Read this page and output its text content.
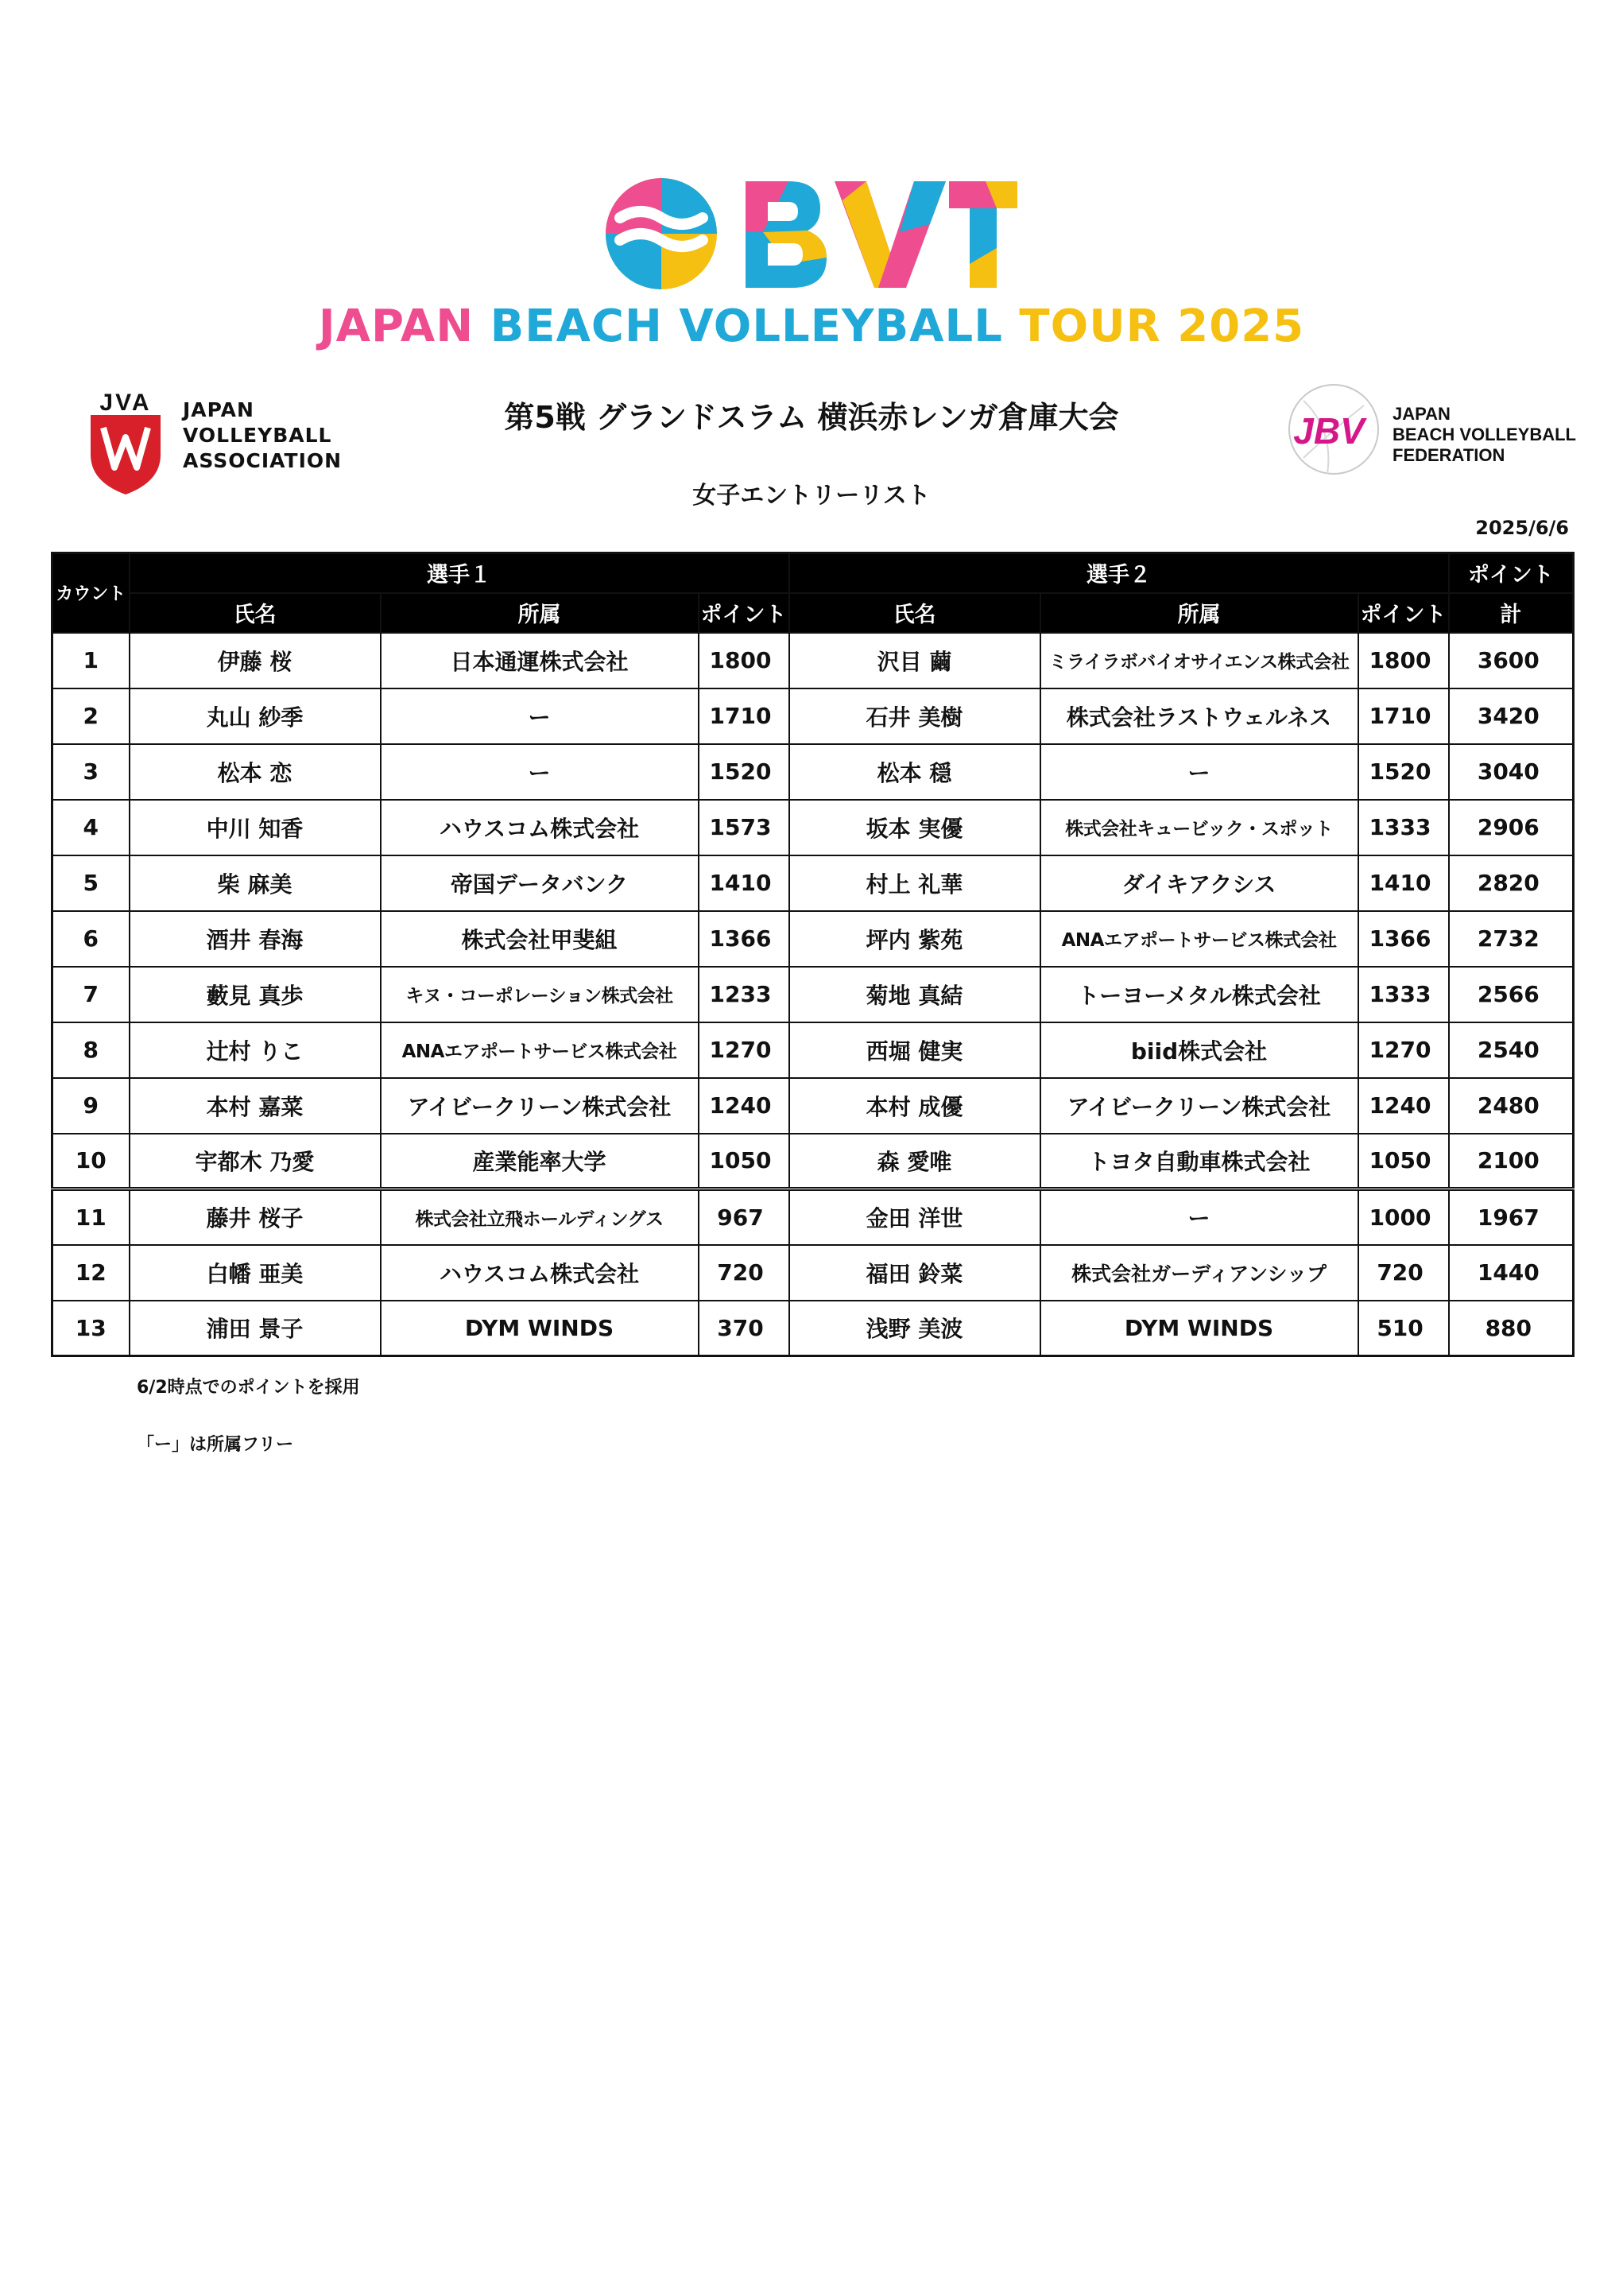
JAPAN BEACH VOLLEYBALL TOUR 2025
JVA JAPAN
VOLLEYBALL
ASSOCIATION
JBV JAPAN
BEACH VOLLEYBALL
FEDERATION
第5戦 グランドスラム 横浜赤レンガ倉庫大会
女子エントリーリスト
2025/6/6
カウント	選手１			選手２			ポイント
	氏名	所属	ポイント	氏名	所属	ポイント	計
1	伊藤 桜	日本通運株式会社	1800	沢目 繭	ミライラボバイオサイエンス株式会社	1800	3600
2	丸山 紗季	ー	1710	石井 美樹	株式会社ラストウェルネス	1710	3420
3	松本 恋	ー	1520	松本 穏	ー	1520	3040
4	中川 知香	ハウスコム株式会社	1573	坂本 実優	株式会社キュービック・スポット	1333	2906
5	柴 麻美	帝国データバンク	1410	村上 礼華	ダイキアクシス	1410	2820
6	酒井 春海	株式会社甲斐組	1366	坪内 紫苑	ANAエアポートサービス株式会社	1366	2732
7	藪見 真歩	キヌ・コーポレーション株式会社	1233	菊地 真結	トーヨーメタル株式会社	1333	2566
8	辻村 りこ	ANAエアポートサービス株式会社	1270	西堀 健実	biid株式会社	1270	2540
9	本村 嘉菜	アイビークリーン株式会社	1240	本村 成優	アイビークリーン株式会社	1240	2480
10	宇都木 乃愛	産業能率大学	1050	森 愛唯	トヨタ自動車株式会社	1050	2100
11	藤井 桜子	株式会社立飛ホールディングス	967	金田 洋世	ー	1000	1967
12	白幡 亜美	ハウスコム株式会社	720	福田 鈴菜	株式会社ガーディアンシップ	720	1440
13	浦田 景子	DYM WINDS	370	浅野 美波	DYM WINDS	510	880
6/2時点でのポイントを採用
「ー」は所属フリー
